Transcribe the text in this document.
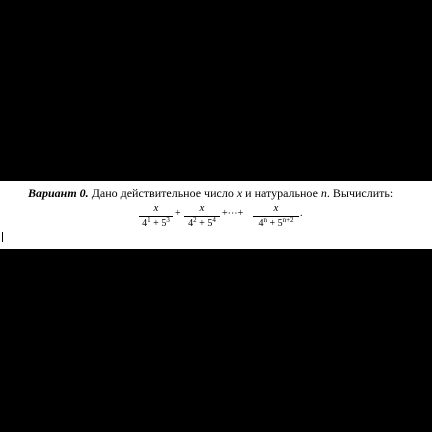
Вариант 0. Дано действительное число x и натуральное n. Вычислить:
x
$4^1 + 5^3$
+	x
$4^2 + 5^4$
+⋯+	x
$4^n + 5^{n+2}$
.
